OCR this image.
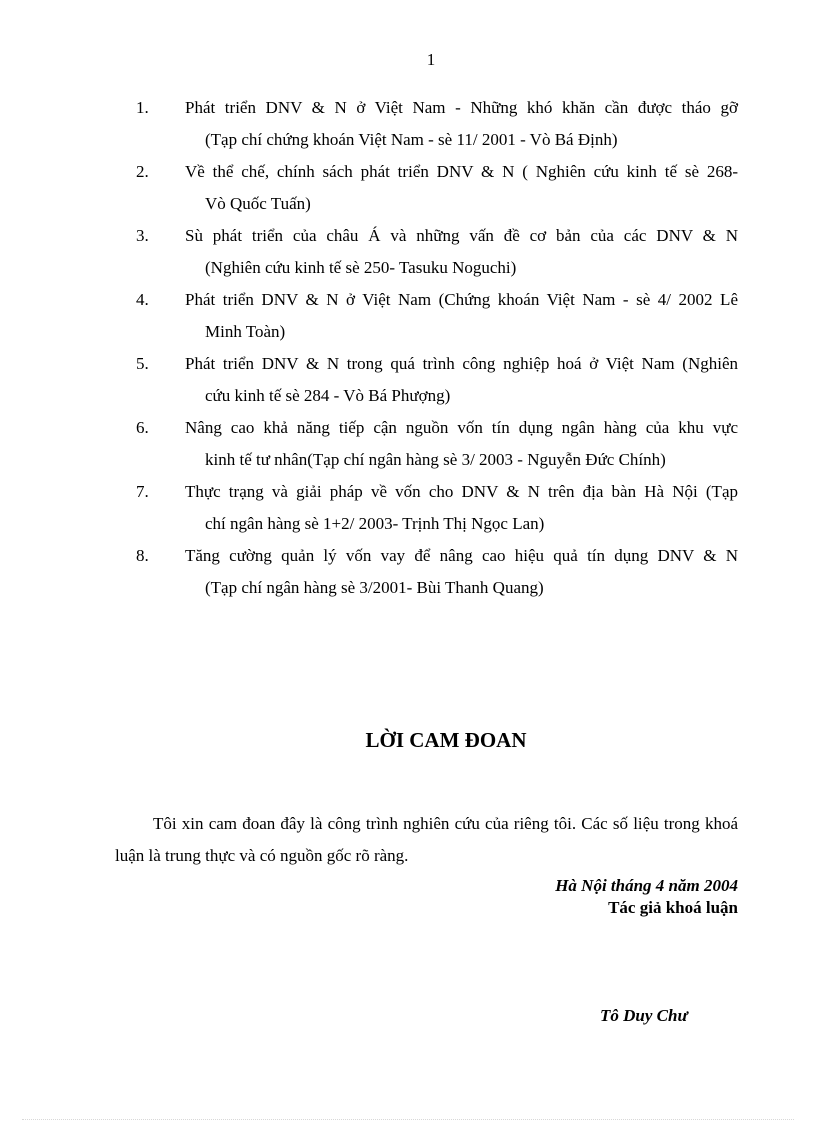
1
1.	Phát triển DNV & N ở Việt Nam - Những khó khăn cần được tháo gỡ
(Tạp chí chứng khoán Việt Nam - sè 11/ 2001 - Vò Bá Định)
2.	Về thể chế, chính sách phát triển DNV & N ( Nghiên cứu kinh tế sè 268-
Vò Quốc Tuấn)
3.	Sù phát triển của châu Á và những vấn đề cơ bản của các DNV & N
(Nghiên cứu kinh tế sè 250- Tasuku Noguchi)
4.	Phát triển DNV & N ở Việt Nam (Chứng khoán Việt Nam - sè 4/ 2002 Lê
Minh Toàn)
5.	Phát triển DNV & N trong quá trình công nghiệp hoá ở Việt Nam (Nghiên
cứu kinh tế sè 284 - Vò Bá Phượng)
6.	Nâng cao khả năng tiếp cận nguồn vốn tín dụng ngân hàng của khu vực
kinh tế tư nhân(Tạp chí ngân hàng sè 3/ 2003 - Nguyễn Đức Chính)
7.	Thực trạng và giải pháp về vốn cho DNV & N trên địa bàn Hà Nội (Tạp
chí ngân hàng sè 1+2/ 2003- Trịnh Thị Ngọc Lan)
8.	Tăng cường quản lý vốn vay để nâng cao hiệu quả tín dụng DNV & N
(Tạp chí ngân hàng sè 3/2001- Bùi Thanh Quang)
LỜI CAM ĐOAN

Tôi xin cam đoan đây là công trình nghiên cứu của riêng tôi. Các số liệu trong khoá luận là trung thực và có nguồn gốc rõ ràng.

Hà Nội tháng 4 năm 2004
Tác giả khoá luận
Tô Duy Chư
